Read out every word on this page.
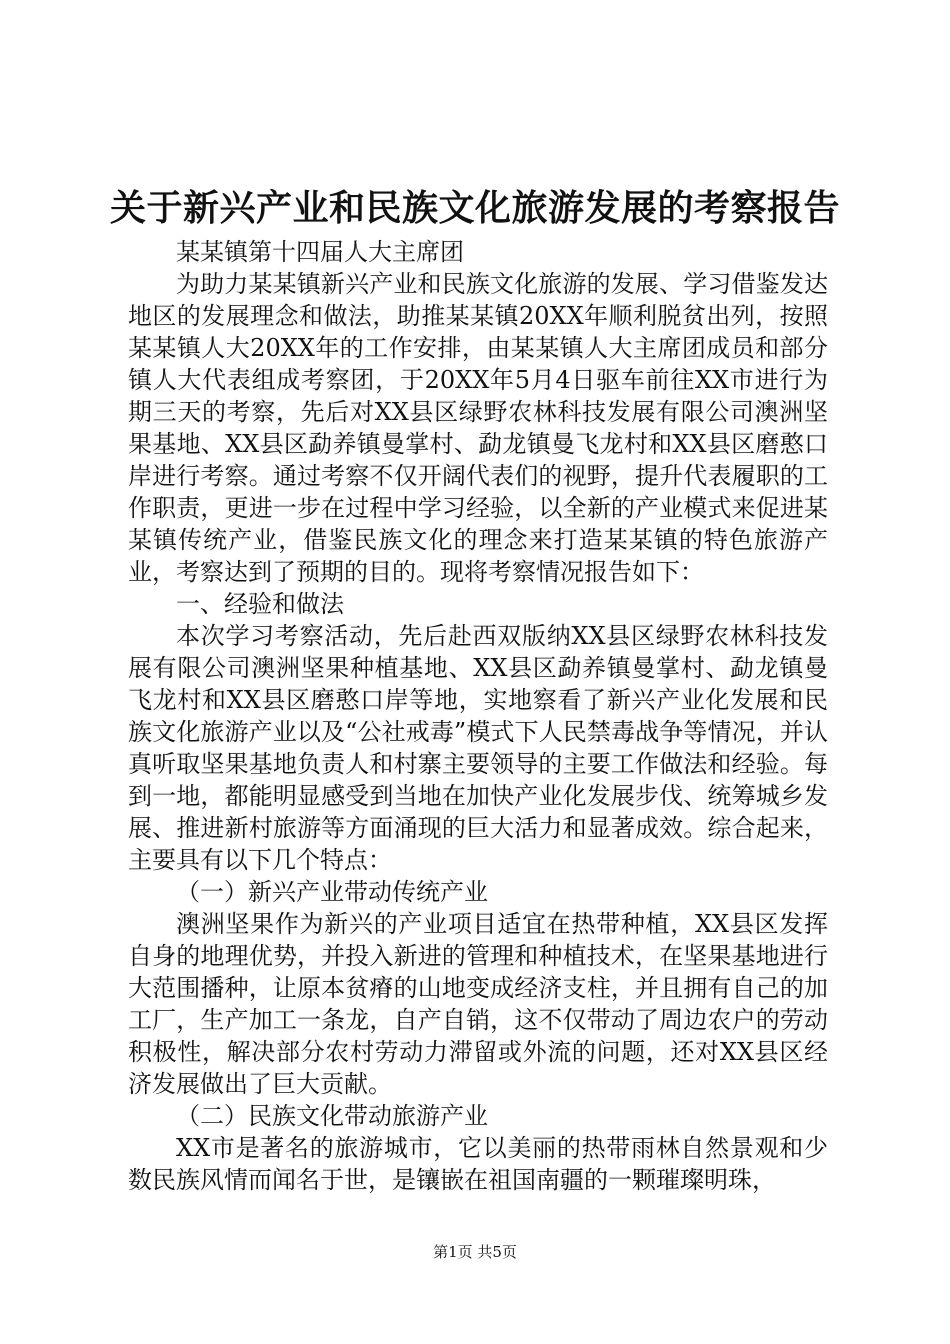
关于新兴产业和民族文化旅游发展的考察报告

某某镇第十四届人大主席团

为助力某某镇新兴产业和民族文化旅游的发展、学习借鉴发达地区的发展理念和做法，助推某某镇20XX年顺利脱贫出列，按照某某镇人大20XX年的工作安排，由某某镇人大主席团成员和部分镇人大代表组成考察团，于20XX年5月4日驱车前往XX市进行为期三天的考察，先后对XX县区绿野农林科技发展有限公司澳洲坚果基地、XX县区勐养镇曼掌村、勐龙镇曼飞龙村和XX县区磨憨口岸进行考察。通过考察不仅开阔代表们的视野，提升代表履职的工作职责，更进一步在过程中学习经验，以全新的产业模式来促进某某镇传统产业，借鉴民族文化的理念来打造某某镇的特色旅游产业，考察达到了预期的目的。现将考察情况报告如下：

一、经验和做法

本次学习考察活动，先后赴西双版纳XX县区绿野农林科技发展有限公司澳洲坚果种植基地、XX县区勐养镇曼掌村、勐龙镇曼飞龙村和XX县区磨憨口岸等地，实地察看了新兴产业化发展和民族文化旅游产业以及“公社戒毒”模式下人民禁毒战争等情况，并认真听取坚果基地负责人和村寨主要领导的主要工作做法和经验。每到一地，都能明显感受到当地在加快产业化发展步伐、统筹城乡发展、推进新村旅游等方面涌现的巨大活力和显著成效。综合起来，主要具有以下几个特点：

（一）新兴产业带动传统产业

澳洲坚果作为新兴的产业项目适宜在热带种植，XX县区发挥自身的地理优势，并投入新进的管理和种植技术，在坚果基地进行大范围播种，让原本贫瘠的山地变成经济支柱，并且拥有自己的加工厂，生产加工一条龙，自产自销，这不仅带动了周边农户的劳动积极性，解决部分农村劳动力滞留或外流的问题，还对XX县区经济发展做出了巨大贡献。

（二）民族文化带动旅游产业

XX市是著名的旅游城市，它以美丽的热带雨林自然景观和少数民族风情而闻名于世，是镶嵌在祖国南疆的一颗璀璨明珠，

第1页 共5页
